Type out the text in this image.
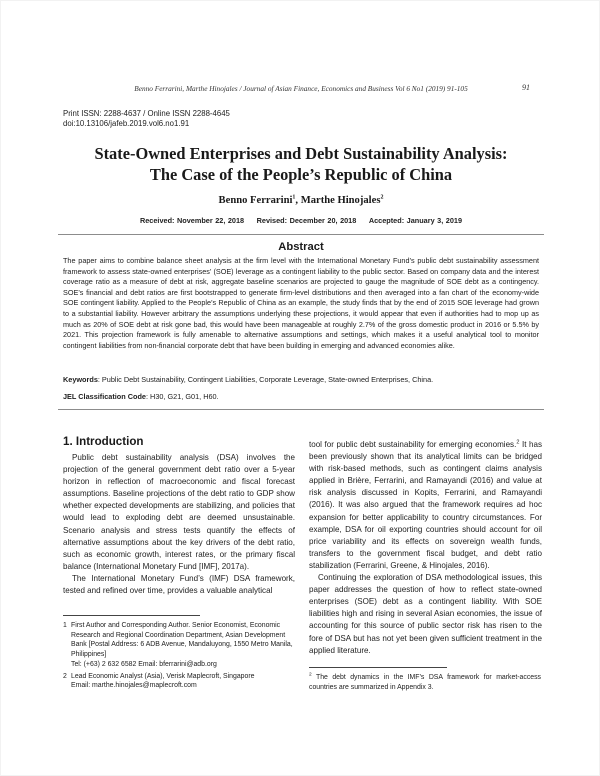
Benno Ferrarini, Marthe Hinojales / Journal of Asian Finance, Economics and Business Vol 6 No1 (2019) 91-105	91
Print ISSN: 2288-4637 / Online ISSN 2288-4645
doi:10.13106/jafeb.2019.vol6.no1.91
State-Owned Enterprises and Debt Sustainability Analysis:
The Case of the People’s Republic of China
Benno Ferrarini$^1$, Marthe Hinojales$^2$
Received: November 22, 2018 Revised: December 20, 2018 Accepted: January 3, 2019
Abstract
The paper aims to combine balance sheet analysis at the firm level with the International Monetary Fund’s public debt sustainability assessment framework to assess state-owned enterprises’ (SOE) leverage as a contingent liability to the public sector. Based on company data and the interest coverage ratio as a measure of debt at risk, aggregate baseline scenarios are projected to gauge the magnitude of SOE debt as a contingency. SOE’s financial and debt ratios are first bootstrapped to generate firm-level distributions and then averaged into a fan chart of the economy-wide SOE contingent liability. Applied to the People’s Republic of China as an example, the study finds that by the end of 2015 SOE leverage had grown to a substantial liability. However arbitrary the assumptions underlying these projections, it would appear that even if authorities had to mop up as much as 20% of SOE debt at risk gone bad, this would have been manageable at roughly 2.7% of the gross domestic product in 2016 or 5.5% by 2021. This projection framework is fully amenable to alternative assumptions and settings, which makes it a useful analytical tool to monitor contingent liabilities from non-financial corporate debt that have been building in emerging and advanced economies alike.
Keywords: Public Debt Sustainability, Contingent Liabilities, Corporate Leverage, State-owned Enterprises, China.
JEL Classification Code: H30, G21, G01, H60.
1. Introduction

Public debt sustainability analysis (DSA) involves the projection of the general government debt ratio over a 5-year horizon in reflection of macroeconomic and fiscal forecast assumptions. Baseline projections of the debt ratio to GDP show whether expected developments are stabilizing, and policies that would lead to exploding debt are deemed unsustainable. Scenario analysis and stress tests quantify the effects of alternative assumptions about the key drivers of the debt ratio, such as economic growth, interest rates, or the primary fiscal balance (International Monetary Fund [IMF], 2017a).

The International Monetary Fund’s (IMF) DSA framework, tested and refined over time, provides a valuable analytical

1 First Author and Corresponding Author. Senior Economist, Economic Research and Regional Coordination Department, Asian Development Bank [Postal Address: 6 ADB Avenue, Mandaluyong, 1550 Metro Manila, Philippines]
Tel: (+63) 2 632 6582 Email: bferrarini@adb.org
2 Lead Economic Analyst (Asia), Verisk Maplecroft, Singapore
Email: marthe.hinojales@maplecroft.com

tool for public debt sustainability for emerging economies.$^2$ It has been previously shown that its analytical limits can be bridged with risk-based methods, such as contingent claims analysis applied in Brière, Ferrarini, and Ramayandi (2016) and value at risk analysis discussed in Kopits, Ferrarini, and Ramayandi (2016). It was also argued that the framework requires ad hoc expansion for better applicability to country circumstances. For example, DSA for oil exporting countries should account for oil price variability and its effects on sovereign wealth funds, transfers to the government fiscal budget, and debt ratio stabilization (Ferrarini, Greene, & Hinojales, 2016).

Continuing the exploration of DSA methodological issues, this paper addresses the question of how to reflect state-owned enterprises (SOE) debt as a contingent liability. With SOE liabilities high and rising in several Asian economies, the issue of accounting for this source of public sector risk has risen to the fore of DSA but has not yet been given sufficient treatment in the applied literature.

$^2$ The debt dynamics in the IMF’s DSA framework for market-access countries are summarized in Appendix 3.
